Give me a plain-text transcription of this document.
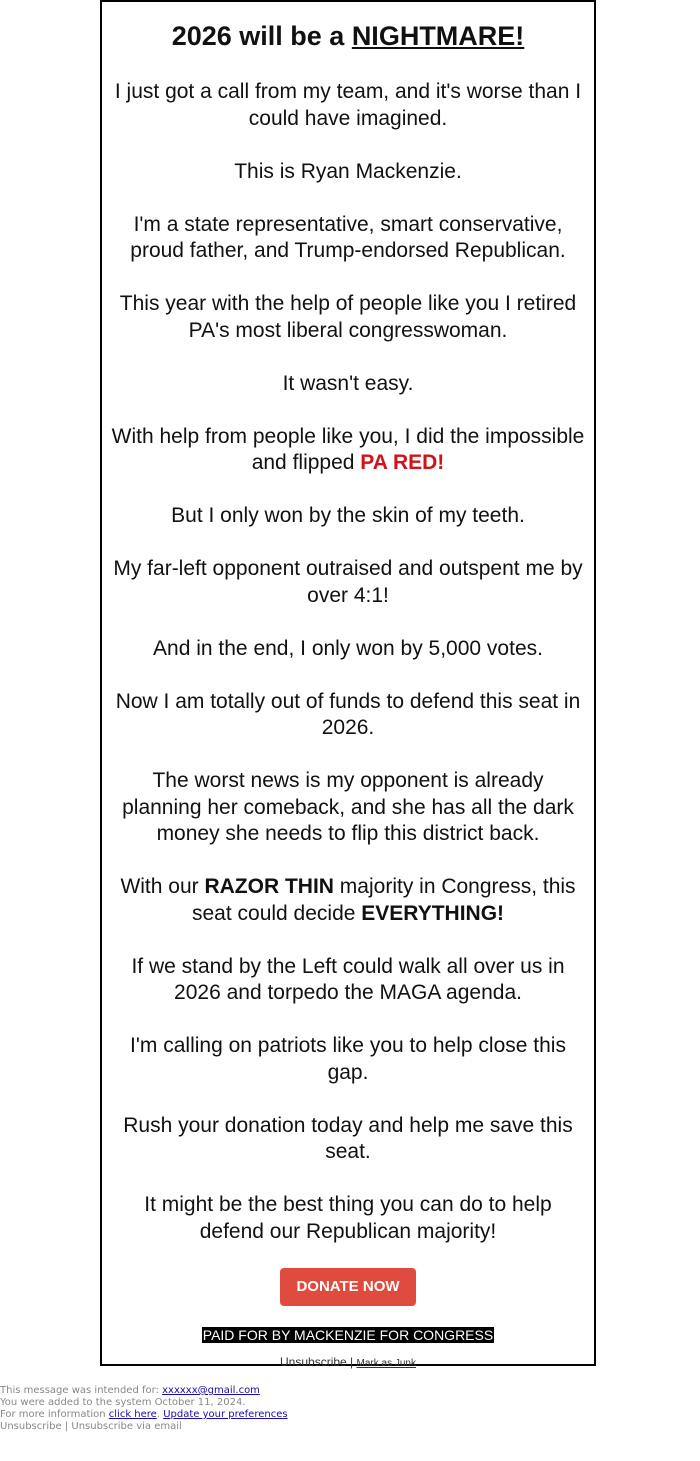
2026 will be a NIGHTMARE!

I just got a call from my team, and it's worse than I could have imagined.

This is Ryan Mackenzie.

I'm a state representative, smart conservative, proud father, and Trump-endorsed Republican.

This year with the help of people like you I retired PA's most liberal congresswoman.

It wasn't easy.

With help from people like you, I did the impossible and flipped PA RED!

But I only won by the skin of my teeth.

My far-left opponent outraised and outspent me by over 4:1!

And in the end, I only won by 5,000 votes.

Now I am totally out of funds to defend this seat in 2026.

The worst news is my opponent is already planning her comeback, and she has all the dark money she needs to flip this district back.

With our RAZOR THIN majority in Congress, this seat could decide EVERYTHING!

If we stand by the Left could walk all over us in 2026 and torpedo the MAGA agenda.

I'm calling on patriots like you to help close this gap.

Rush your donation today and help me save this seat.

It might be the best thing you can do to help defend our Republican majority!

DONATE NOW
PAID FOR BY MACKENZIE FOR CONGRESS
Unsubscribe | Mark as Junk
This message was intended for: xxxxxx@gmail.com
You were added to the system October 11, 2024.
For more information click here. Update your preferences
Unsubscribe | Unsubscribe via email
